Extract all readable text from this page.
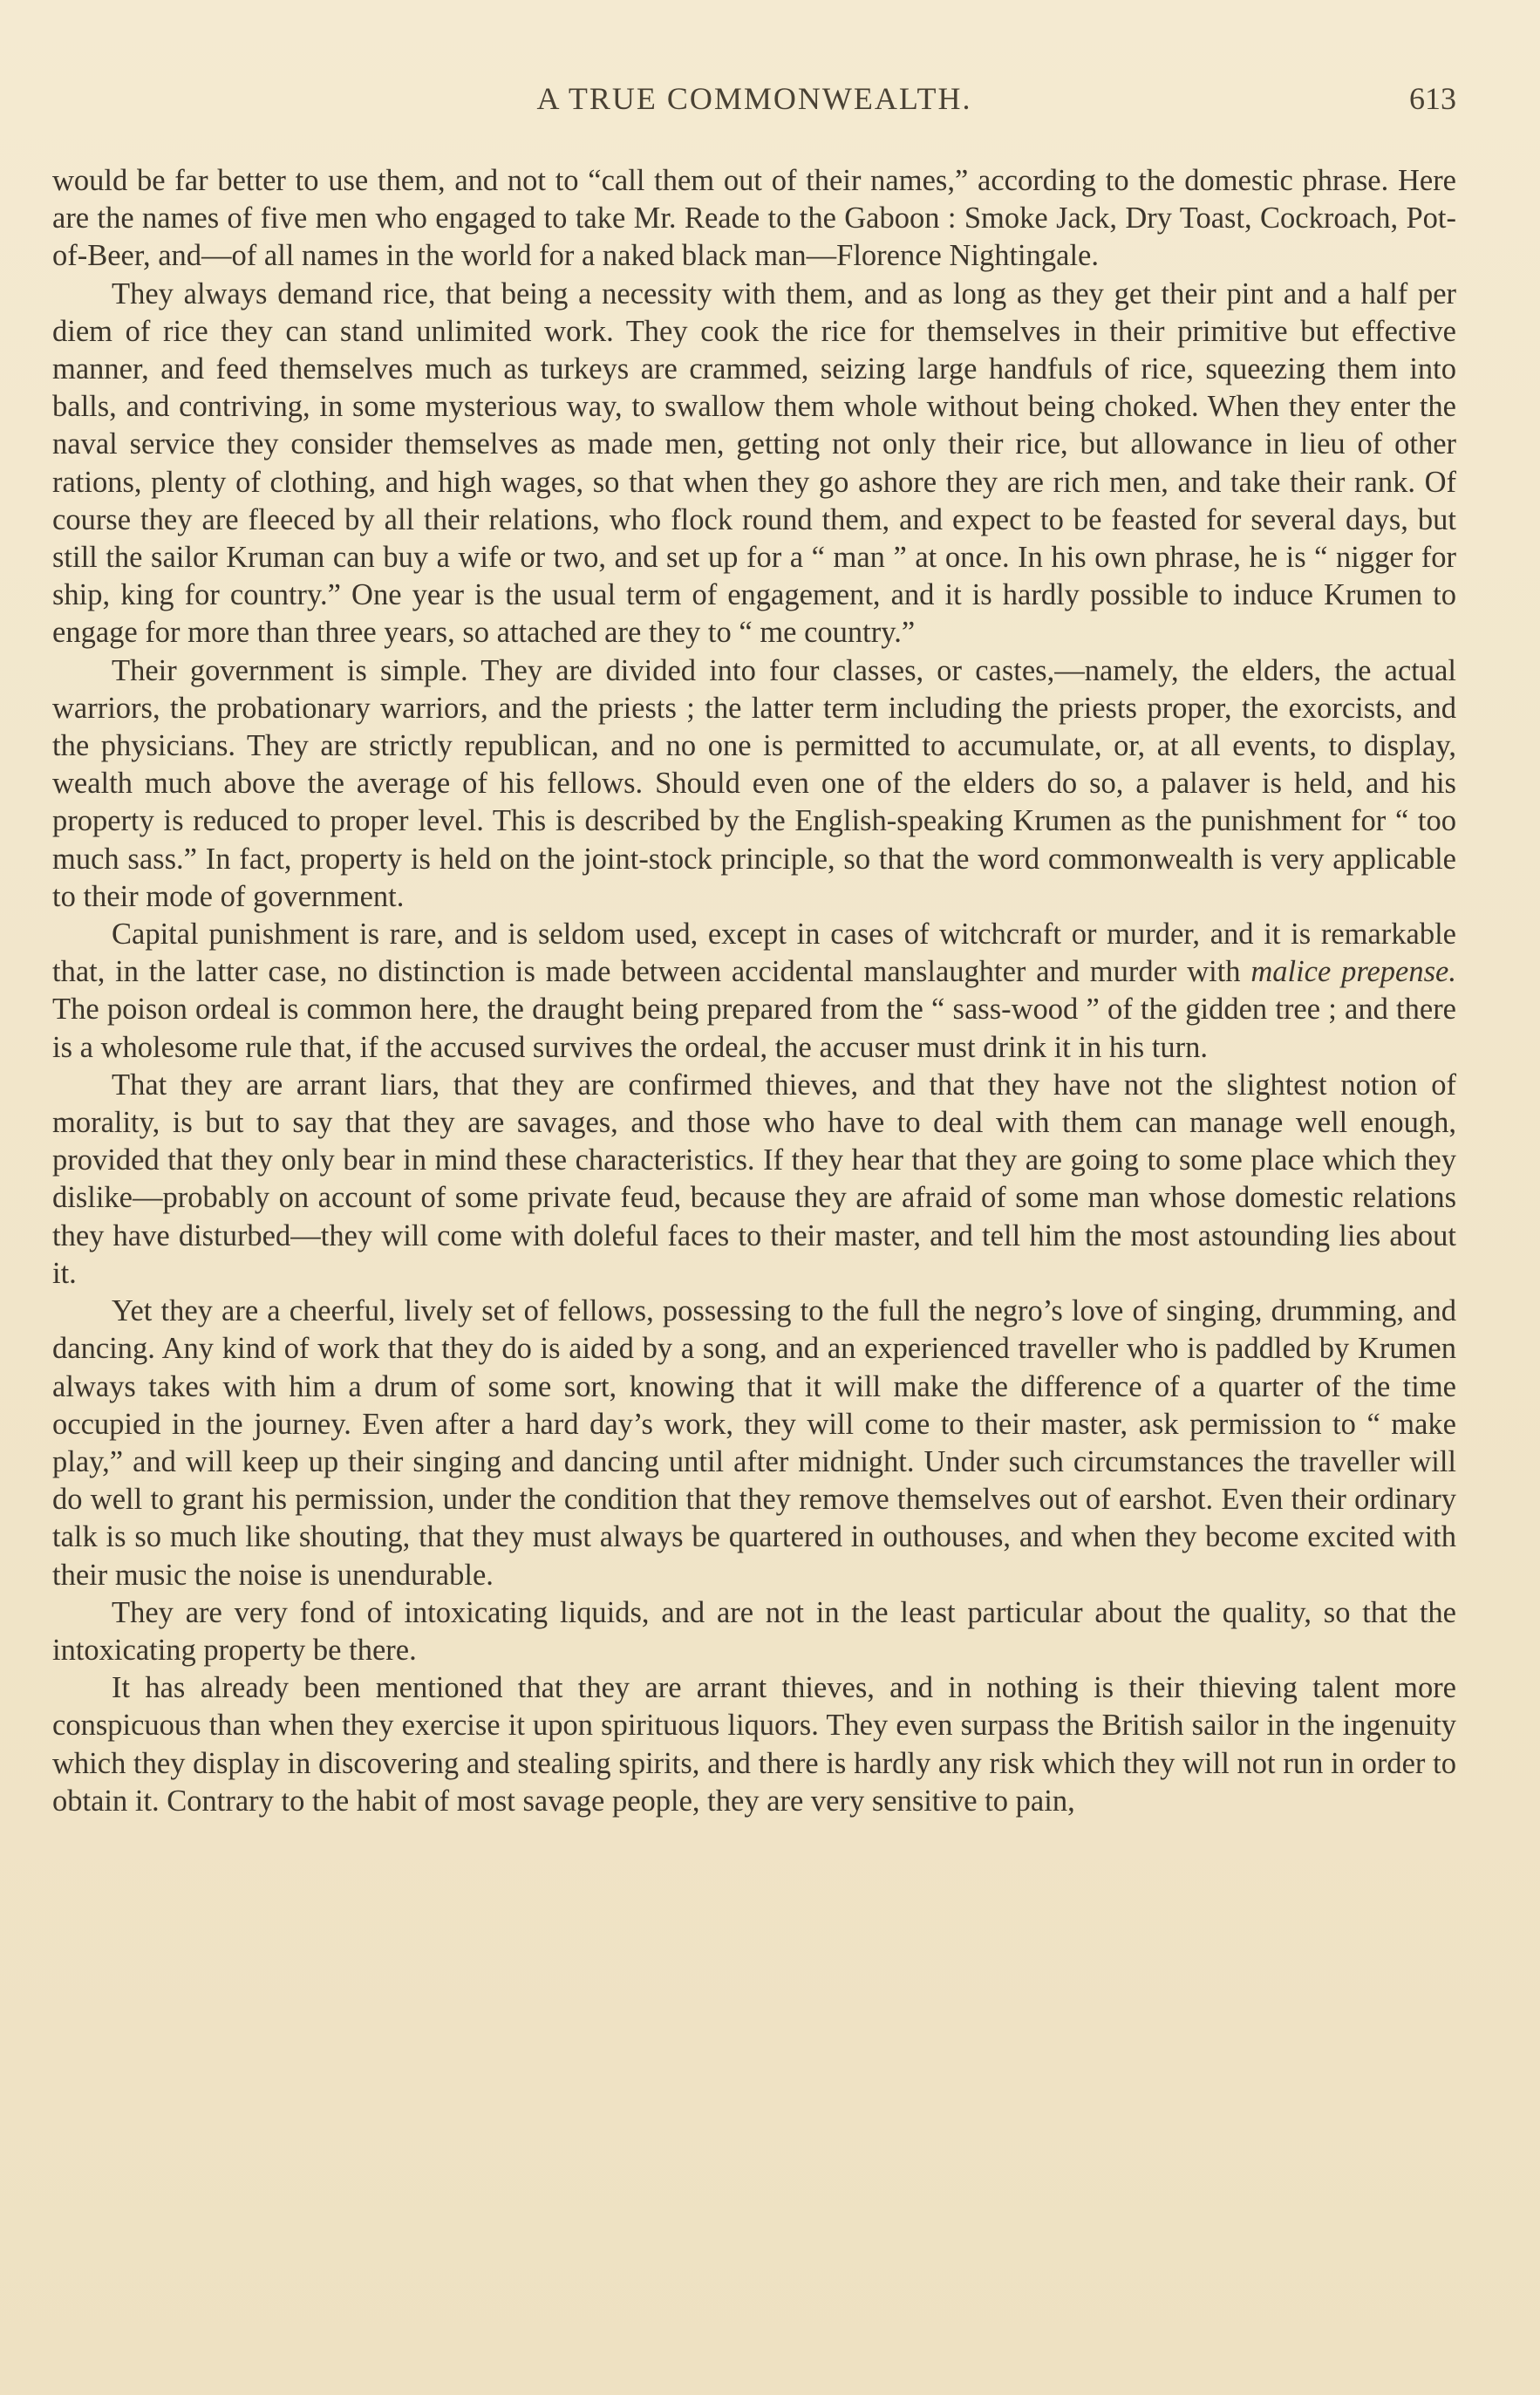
A TRUE COMMONWEALTH.	613

would be far better to use them, and not to “call them out of their names,” according to the domestic phrase. Here are the names of five men who engaged to take Mr. Reade to the Gaboon : Smoke Jack, Dry Toast, Cockroach, Pot-of-Beer, and—of all names in the world for a naked black man—Florence Nightingale.

They always demand rice, that being a necessity with them, and as long as they get their pint and a half per diem of rice they can stand unlimited work. They cook the rice for themselves in their primitive but effective manner, and feed themselves much as turkeys are crammed, seizing large handfuls of rice, squeezing them into balls, and contriving, in some mysterious way, to swallow them whole without being choked. When they enter the naval service they consider themselves as made men, getting not only their rice, but allowance in lieu of other rations, plenty of clothing, and high wages, so that when they go ashore they are rich men, and take their rank. Of course they are fleeced by all their relations, who flock round them, and expect to be feasted for several days, but still the sailor Kruman can buy a wife or two, and set up for a “ man ” at once. In his own phrase, he is “ nigger for ship, king for country.” One year is the usual term of engagement, and it is hardly possible to induce Krumen to engage for more than three years, so attached are they to “ me country.”

Their government is simple. They are divided into four classes, or castes,—namely, the elders, the actual warriors, the probationary warriors, and the priests ; the latter term including the priests proper, the exorcists, and the physicians. They are strictly republican, and no one is permitted to accumulate, or, at all events, to display, wealth much above the average of his fellows. Should even one of the elders do so, a palaver is held, and his property is reduced to proper level. This is described by the English-speaking Krumen as the punishment for “ too much sass.” In fact, property is held on the joint-stock principle, so that the word commonwealth is very applicable to their mode of government.

Capital punishment is rare, and is seldom used, except in cases of witchcraft or murder, and it is remarkable that, in the latter case, no distinction is made between accidental manslaughter and murder with malice prepense. The poison ordeal is common here, the draught being prepared from the “ sass-wood ” of the gidden tree ; and there is a wholesome rule that, if the accused survives the ordeal, the accuser must drink it in his turn.

That they are arrant liars, that they are confirmed thieves, and that they have not the slightest notion of morality, is but to say that they are savages, and those who have to deal with them can manage well enough, provided that they only bear in mind these characteristics. If they hear that they are going to some place which they dislike—probably on account of some private feud, because they are afraid of some man whose domestic relations they have disturbed—they will come with doleful faces to their master, and tell him the most astounding lies about it.

Yet they are a cheerful, lively set of fellows, possessing to the full the negro’s love of singing, drumming, and dancing. Any kind of work that they do is aided by a song, and an experienced traveller who is paddled by Krumen always takes with him a drum of some sort, knowing that it will make the difference of a quarter of the time occupied in the journey. Even after a hard day’s work, they will come to their master, ask permission to “ make play,” and will keep up their singing and dancing until after midnight. Under such circumstances the traveller will do well to grant his permission, under the condition that they remove themselves out of earshot. Even their ordinary talk is so much like shouting, that they must always be quartered in outhouses, and when they become excited with their music the noise is unendurable.

They are very fond of intoxicating liquids, and are not in the least particular about the quality, so that the intoxicating property be there.

It has already been mentioned that they are arrant thieves, and in nothing is their thieving talent more conspicuous than when they exercise it upon spirituous liquors. They even surpass the British sailor in the ingenuity which they display in discovering and stealing spirits, and there is hardly any risk which they will not run in order to obtain it. Contrary to the habit of most savage people, they are very sensitive to pain,
